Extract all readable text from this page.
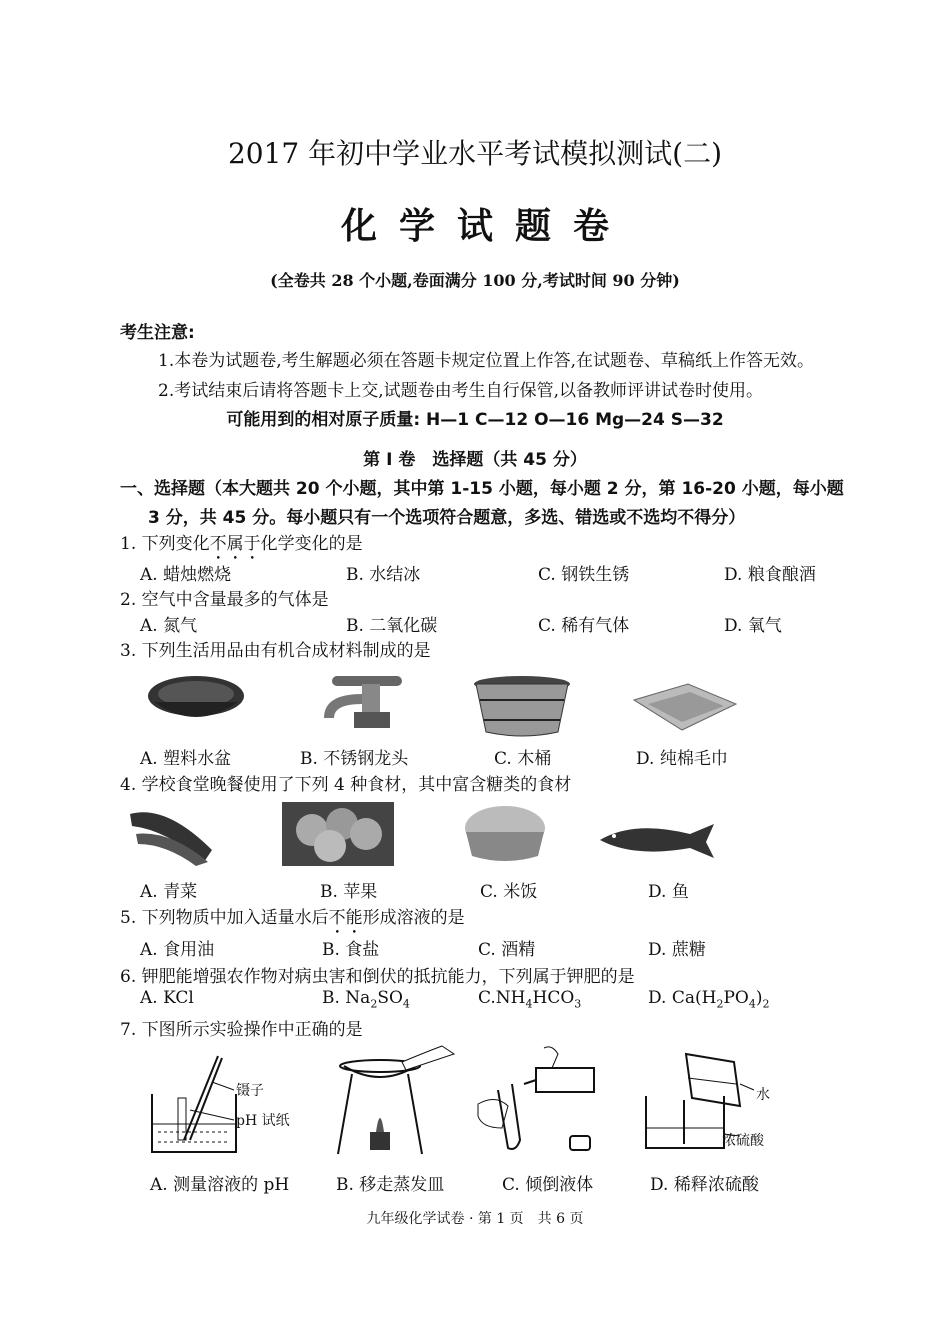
2017 年初中学业水平考试模拟测试(二)
化学试题卷
(全卷共 28 个小题,卷面满分 100 分,考试时间 90 分钟)
考生注意:
1.本卷为试题卷,考生解题必须在答题卡规定位置上作答,在试题卷、草稿纸上作答无效。
2.考试结束后请将答题卡上交,试题卷由考生自行保管,以备教师评讲试卷时使用。
可能用到的相对原子质量: H—1 C—12 O—16 Mg—24 S—32
第 Ⅰ 卷　选择题（共 45 分）
一、选择题（本大题共 20 个小题，其中第 1-15 小题，每小题 2 分，第 16-20 小题，每小题
3 分，共 45 分。每小题只有一个选项符合题意，多选、错选或不选均不得分）
1. 下列变化不属于化学变化的是
A. 蜡烛燃烧	B. 水结冰	C. 钢铁生锈	D. 粮食酿酒
2. 空气中含量最多的气体是
A. 氮气	B. 二氧化碳	C. 稀有气体	D. 氧气
3. 下列生活用品由有机合成材料制成的是
A. 塑料水盆	B. 不锈钢龙头	C. 木桶	D. 纯棉毛巾
4. 学校食堂晚餐使用了下列 4 种食材，其中富含糖类的食材
A. 青菜	B. 苹果	C. 米饭	D. 鱼
5. 下列物质中加入适量水后不能形成溶液的是
A. 食用油	B. 食盐	C. 酒精	D. 蔗糖
6. 钾肥能增强农作物对病虫害和倒伏的抵抗能力，下列属于钾肥的是
A. KCl	B. $Na_2SO_4$	$C.NH_4HCO_3$	D. $Ca(H_2PO_4)_2$
7. 下图所示实验操作中正确的是
镊子
pH 试纸
水
浓硫酸
A. 测量溶液的 pH	B. 移走蒸发皿	C. 倾倒液体	D. 稀释浓硫酸
九年级化学试卷 · 第 1 页　共 6 页
